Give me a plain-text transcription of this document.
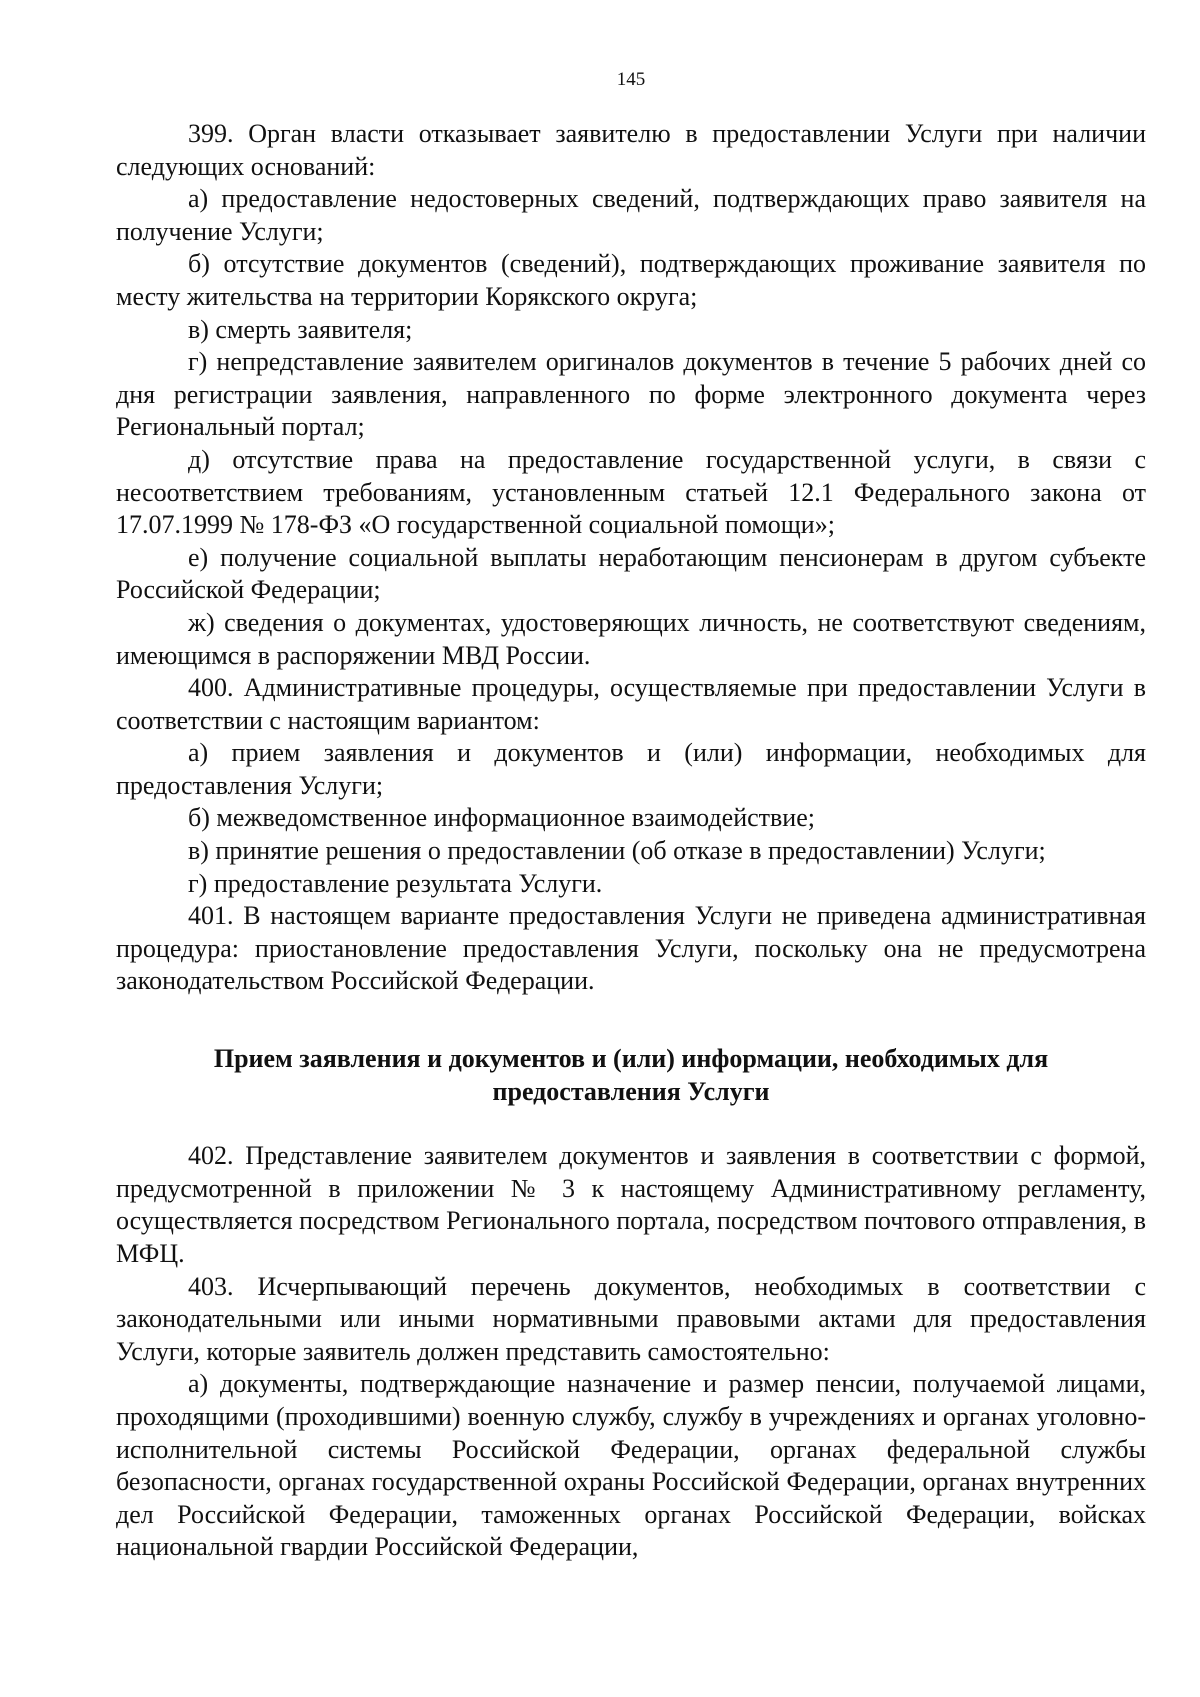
145

399. Орган власти отказывает заявителю в предоставлении Услуги при наличии следующих оснований:

а) предоставление недостоверных сведений, подтверждающих право заявителя на получение Услуги;

б) отсутствие документов (сведений), подтверждающих проживание заявителя по месту жительства на территории Корякского округа;

в) смерть заявителя;

г) непредставление заявителем оригиналов документов в течение 5 рабочих дней со дня регистрации заявления, направленного по форме электронного документа через Региональный портал;

д) отсутствие права на предоставление государственной услуги, в связи с несоответствием требованиям, установленным статьей 12.1 Федерального закона от 17.07.1999 № 178-ФЗ «О государственной социальной помощи»;

е) получение социальной выплаты неработающим пенсионерам в другом субъекте Российской Федерации;

ж) сведения о документах, удостоверяющих личность, не соответствуют сведениям, имеющимся в распоряжении МВД России.

400. Административные процедуры, осуществляемые при предоставлении Услуги в соответствии с настоящим вариантом:

а) прием заявления и документов и (или) информации, необходимых для предоставления Услуги;

б) межведомственное информационное взаимодействие;

в) принятие решения о предоставлении (об отказе в предоставлении) Услуги;

г) предоставление результата Услуги.

401. В настоящем варианте предоставления Услуги не приведена административная процедура: приостановление предоставления Услуги, поскольку она не предусмотрена законодательством Российской Федерации.

Прием заявления и документов и (или) информации, необходимых для
предоставления Услуги

402. Представление заявителем документов и заявления в соответствии с формой, предусмотренной в приложении № 3 к настоящему Административному регламенту, осуществляется посредством Регионального портала, посредством почтового отправления, в МФЦ.

403. Исчерпывающий перечень документов, необходимых в соответствии с законодательными или иными нормативными правовыми актами для предоставления Услуги, которые заявитель должен представить самостоятельно:

а) документы, подтверждающие назначение и размер пенсии, получаемой лицами, проходящими (проходившими) военную службу, службу в учреждениях и органах уголовно-исполнительной системы Российской Федерации, органах федеральной службы безопасности, органах государственной охраны Российской Федерации, органах внутренних дел Российской Федерации, таможенных органах Российской Федерации, войсках национальной гвардии Российской Федерации,
